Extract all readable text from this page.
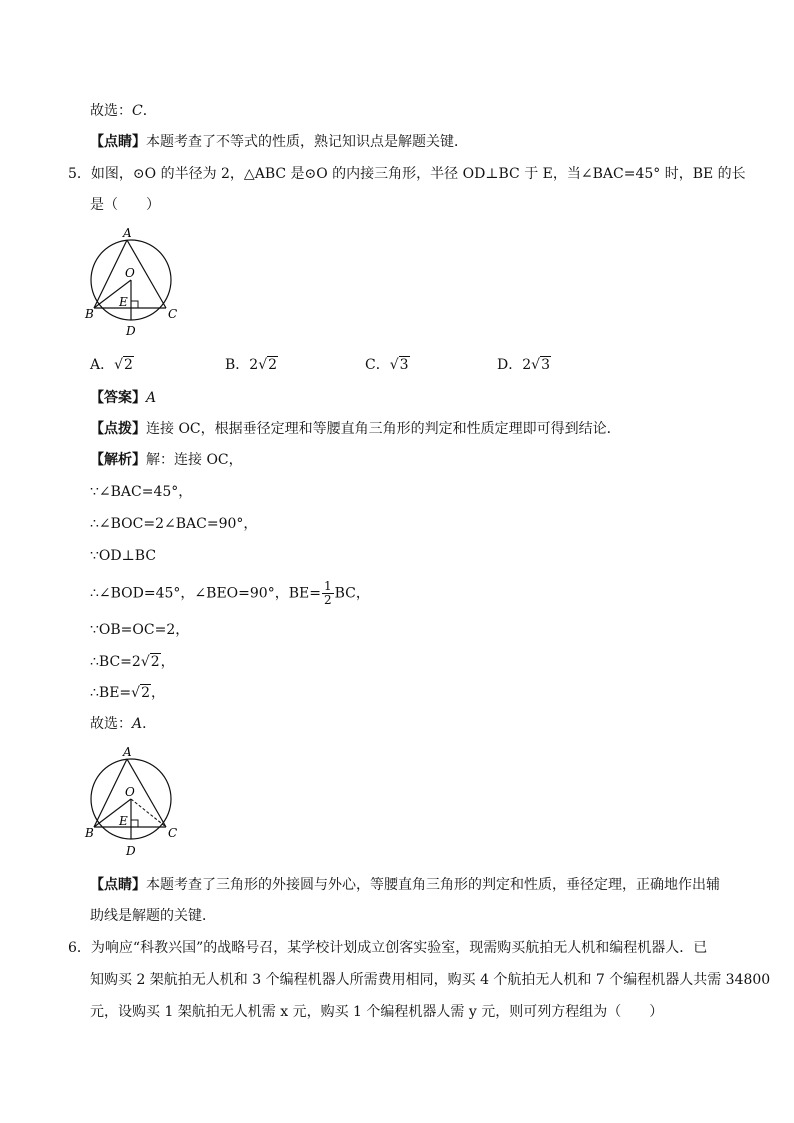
故选：C．
【点睛】本题考查了不等式的性质，熟记知识点是解题关键．
5．如图，⊙O 的半径为 2，△ABC 是⊙O 的内接三角形，半径 OD⊥BC 于 E，当∠BAC=45° 时，BE 的长
是（　　）
A
O
E
B	C
D
A．√2	B．2√2	C．√3	D．2√3
【答案】A
【点拨】连接 OC，根据垂径定理和等腰直角三角形的判定和性质定理即可得到结论．
【解析】解：连接 OC，
∵∠BAC=45°，
∴∠BOC=2∠BAC=90°，
∵OD⊥BC
∴∠BOD=45°，∠BEO=90°，$BE= \frac{1}{2}$ BC，
∵OB=OC=2，
∴BC=2√2，
∴BE=√2，
故选：A．
A
O
E
B	C
D
【点睛】本题考查了三角形的外接圆与外心，等腰直角三角形的判定和性质，垂径定理，正确地作出辅
助线是解题的关键．
6．为响应“科教兴国”的战略号召，某学校计划成立创客实验室，现需购买航拍无人机和编程机器人．已
知购买 2 架航拍无人机和 3 个编程机器人所需费用相同，购买 4 个航拍无人机和 7 个编程机器人共需 34800
元，设购买 1 架航拍无人机需 x 元，购买 1 个编程机器人需 y 元，则可列方程组为（　　）
